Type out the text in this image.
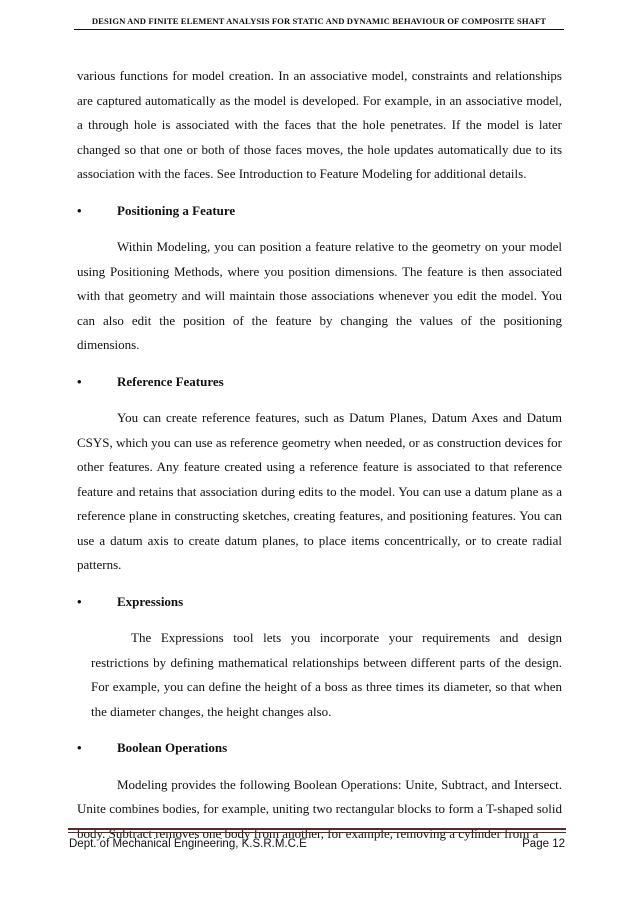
DESIGN AND FINITE ELEMENT ANALYSIS FOR STATIC AND DYNAMIC BEHAVIOUR OF COMPOSITE SHAFT

various functions for model creation. In an associative model, constraints and relationships are captured automatically as the model is developed. For example, in an associative model, a through hole is associated with the faces that the hole penetrates. If the model is later changed so that one or both of those faces moves, the hole updates automatically due to its association with the faces. See Introduction to Feature Modeling for additional details.

•	Positioning a Feature

Within Modeling, you can position a feature relative to the geometry on your model using Positioning Methods, where you position dimensions. The feature is then associated with that geometry and will maintain those associations whenever you edit the model. You can also edit the position of the feature by changing the values of the positioning dimensions.

•	Reference Features

You can create reference features, such as Datum Planes, Datum Axes and Datum CSYS, which you can use as reference geometry when needed, or as construction devices for other features. Any feature created using a reference feature is associated to that reference feature and retains that association during edits to the model. You can use a datum plane as a reference plane in constructing sketches, creating features, and positioning features. You can use a datum axis to create datum planes, to place items concentrically, or to create radial patterns.

•	Expressions

The Expressions tool lets you incorporate your requirements and design restrictions by defining mathematical relationships between different parts of the design. For example, you can define the height of a boss as three times its diameter, so that when the diameter changes, the height changes also.

•	Boolean Operations

Modeling provides the following Boolean Operations: Unite, Subtract, and Intersect. Unite combines bodies, for example, uniting two rectangular blocks to form a T-shaped solid body. Subtract removes one body from another, for example, removing a cylinder from a

Dept. of Mechanical Engineering, K.S.R.M.C.E	Page 12
